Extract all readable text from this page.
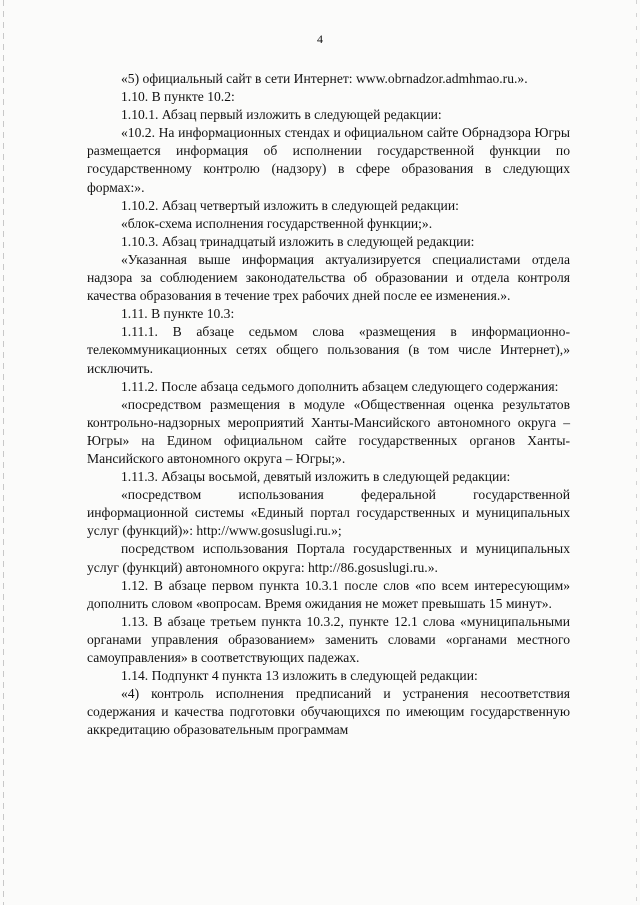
4

«5) официальный сайт в сети Интернет: www.obrnadzor.admhmao.ru.».

1.10. В пункте 10.2:

1.10.1. Абзац первый изложить в следующей редакции:

«10.2. На информационных стендах и официальном сайте Обрнадзора Югры размещается информация об исполнении государственной функции по государственному контролю (надзору) в сфере образования в следующих формах:».

1.10.2. Абзац четвертый изложить в следующей редакции:

«блок-схема исполнения государственной функции;».

1.10.3. Абзац тринадцатый изложить в следующей редакции:

«Указанная выше информация актуализируется специалистами отдела надзора за соблюдением законодательства об образовании и отдела контроля качества образования в течение трех рабочих дней после ее изменения.».

1.11. В пункте 10.3:

1.11.1. В абзаце седьмом слова «размещения в информационно-телекоммуникационных сетях общего пользования (в том числе Интернет),» исключить.

1.11.2. После абзаца седьмого дополнить абзацем следующего содержания:

«посредством размещения в модуле «Общественная оценка результатов контрольно-надзорных мероприятий Ханты-Мансийского автономного округа – Югры» на Едином официальном сайте государственных органов Ханты-Мансийского автономного округа – Югры;».

1.11.3. Абзацы восьмой, девятый изложить в следующей редакции:

«посредством использования федеральной государственной информационной системы «Единый портал государственных и муниципальных услуг (функций)»: http://www.gosuslugi.ru.»;

посредством использования Портала государственных и муниципальных услуг (функций) автономного округа: http://86.gosuslugi.ru.».

1.12. В абзаце первом пункта 10.3.1 после слов «по всем интересующим» дополнить словом «вопросам. Время ожидания не может превышать 15 минут».

1.13. В абзаце третьем пункта 10.3.2, пункте 12.1 слова «муниципальными органами управления образованием» заменить словами «органами местного самоуправления» в соответствующих падежах.

1.14. Подпункт 4 пункта 13 изложить в следующей редакции:

«4) контроль исполнения предписаний и устранения несоответствия содержания и качества подготовки обучающихся по имеющим государственную аккредитацию образовательным программам
